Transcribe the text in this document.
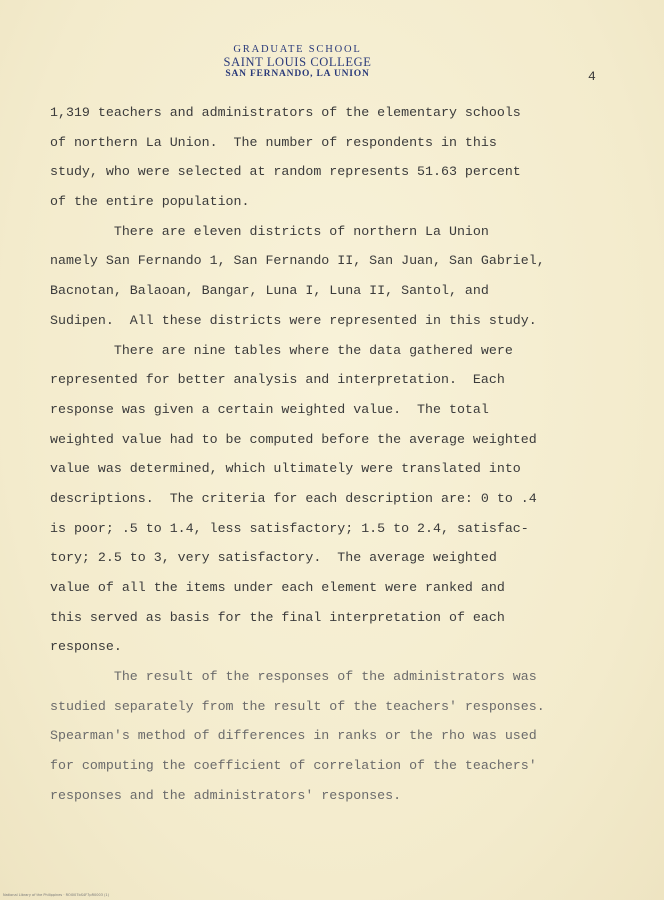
GRADUATE SCHOOL
SAINT LOUIS COLLEGE
SAN FERNANDO, LA UNION	4
1,319 teachers and administrators of the elementary schools
of northern La Union.  The number of respondents in this
study, who were selected at random represents 51.63 percent
of the entire population.
There are eleven districts of northern La Union
namely San Fernando 1, San Fernando II, San Juan, San Gabriel,
Bacnotan, Balaoan, Bangar, Luna I, Luna II, Santol, and
Sudipen.  All these districts were represented in this study.
There are nine tables where the data gathered were
represented for better analysis and interpretation.  Each
response was given a certain weighted value.  The total
weighted value had to be computed before the average weighted
value was determined, which ultimately were translated into
descriptions.  The criteria for each description are: 0 to .4
is poor; .5 to 1.4, less satisfactory; 1.5 to 2.4, satisfac-
tory; 2.5 to 3, very satisfactory.  The average weighted
value of all the items under each element were ranked and
this served as basis for the final interpretation of each
response.
The result of the responses of the administrators was
studied separately from the result of the teachers' responses.
Spearman's method of differences in ranks or the rho was used
for computing the coefficient of correlation of the teachers'
responses and the administrators' responses.
National Library of the Philippines · ROI007bS4F7pR0003 (1)
